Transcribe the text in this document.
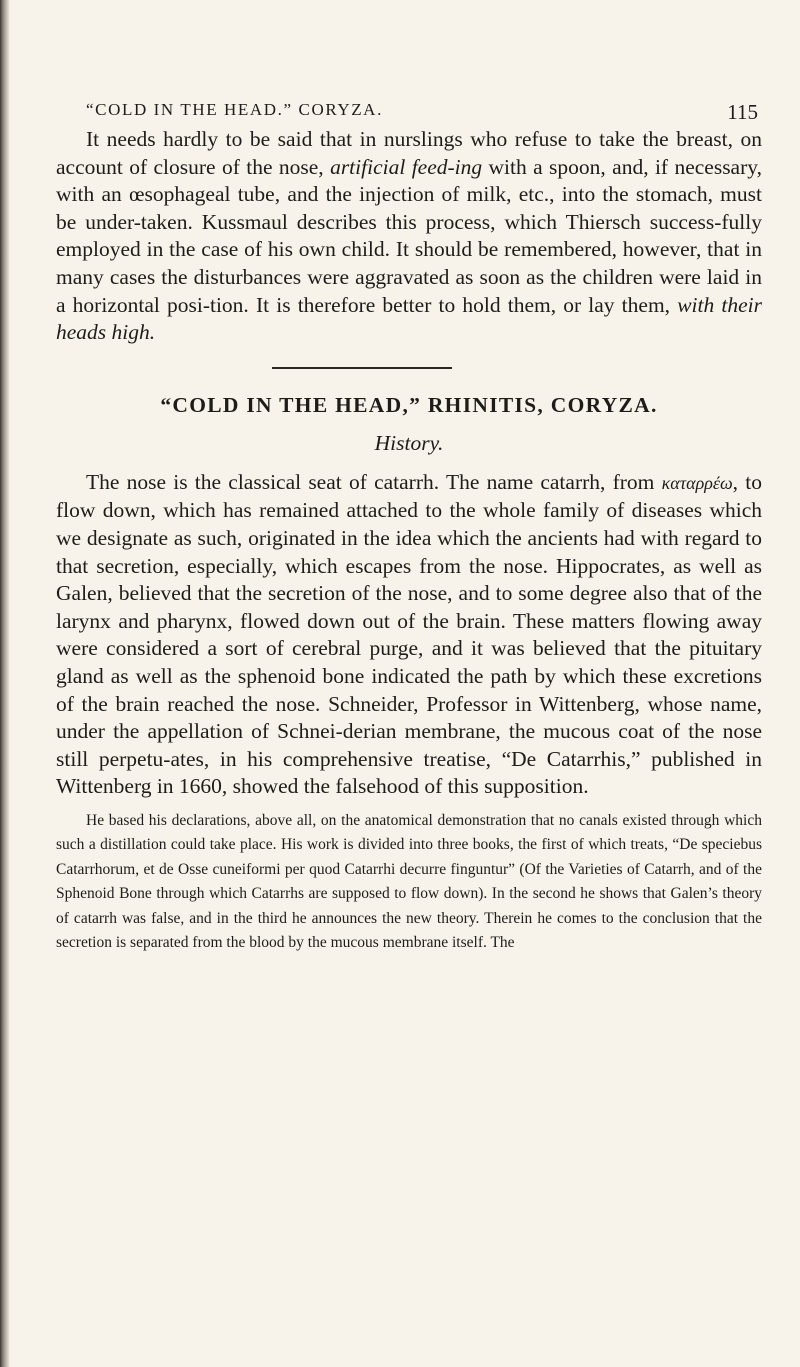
“COLD IN THE HEAD.” CORYZA.	115

It needs hardly to be said that in nurslings who refuse to take the breast, on account of closure of the nose, artificial feed-ing with a spoon, and, if necessary, with an œsophageal tube, and the injection of milk, etc., into the stomach, must be under-taken. Kussmaul describes this process, which Thiersch success-fully employed in the case of his own child. It should be remembered, however, that in many cases the disturbances were aggravated as soon as the children were laid in a horizontal posi-tion. It is therefore better to hold them, or lay them, with their heads high.

“COLD IN THE HEAD,” RHINITIS, CORYZA.
History.

The nose is the classical seat of catarrh. The name catarrh, from καταρρέω, to flow down, which has remained attached to the whole family of diseases which we designate as such, originated in the idea which the ancients had with regard to that secretion, especially, which escapes from the nose. Hippocrates, as well as Galen, believed that the secretion of the nose, and to some degree also that of the larynx and pharynx, flowed down out of the brain. These matters flowing away were considered a sort of cerebral purge, and it was believed that the pituitary gland as well as the sphenoid bone indicated the path by which these excretions of the brain reached the nose. Schneider, Professor in Wittenberg, whose name, under the appellation of Schnei-derian membrane, the mucous coat of the nose still perpetu-ates, in his comprehensive treatise, “De Catarrhis,” published in Wittenberg in 1660, showed the falsehood of this supposition.

He based his declarations, above all, on the anatomical demonstration that no canals existed through which such a distillation could take place. His work is divided into three books, the first of which treats, “De speciebus Catarrhorum, et de Osse cuneiformi per quod Catarrhi decurre finguntur” (Of the Varieties of Catarrh, and of the Sphenoid Bone through which Catarrhs are supposed to flow down). In the second he shows that Galen’s theory of catarrh was false, and in the third he announces the new theory. Therein he comes to the conclusion that the secretion is separated from the blood by the mucous membrane itself. The
